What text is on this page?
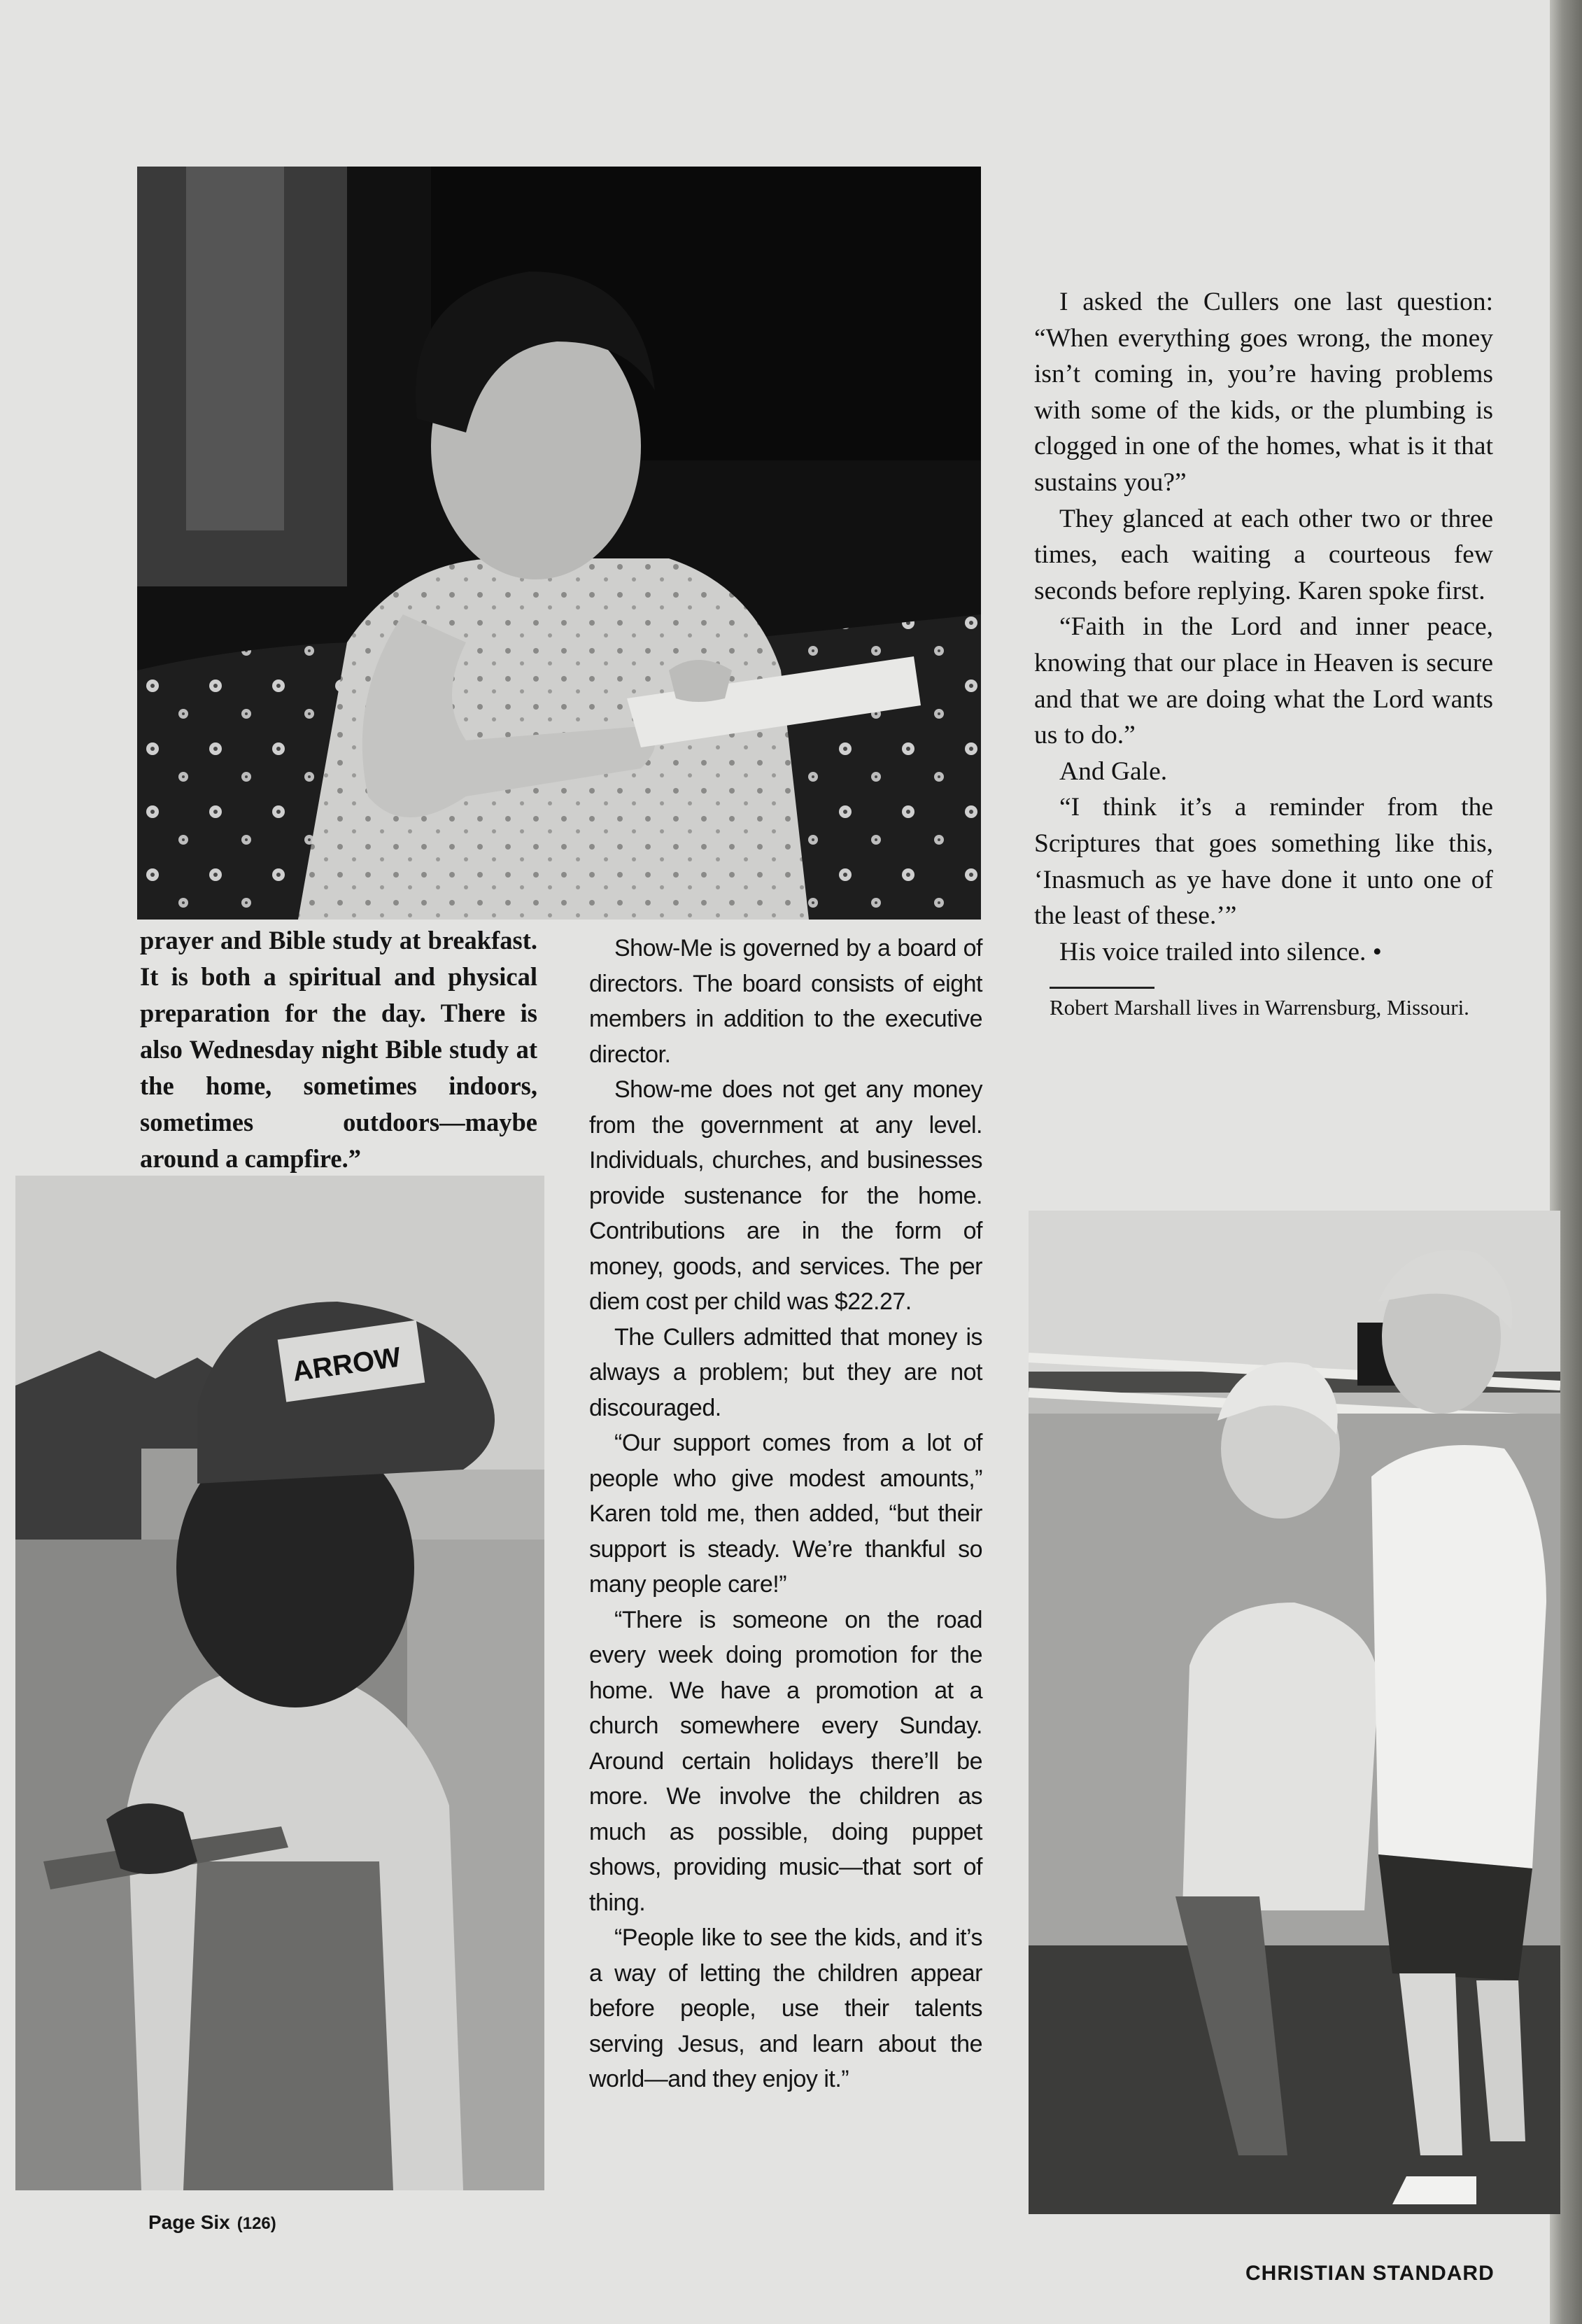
ARROW

prayer and Bible study at breakfast. It is both a spiritual and physical preparation for the day. There is also Wednesday night Bible study at the home, sometimes indoors, sometimes outdoors—maybe around a campfire.”

Show-Me is governed by a board of directors. The board consists of eight members in addition to the executive director.

Show-me does not get any money from the government at any level. Individuals, churches, and businesses provide sustenance for the home. Contributions are in the form of money, goods, and services. The per diem cost per child was $22.27.

The Cullers admitted that money is always a problem; but they are not discouraged.

“Our support comes from a lot of people who give modest amounts,” Karen told me, then added, “but their support is steady. We’re thankful so many people care!”

“There is someone on the road every week doing promotion for the home. We have a promotion at a church somewhere every Sunday. Around certain holidays there’ll be more. We involve the children as much as possible, doing puppet shows, providing music—that sort of thing.

“People like to see the kids, and it’s a way of letting the children appear before people, use their talents serving Jesus, and learn about the world—and they enjoy it.”

I asked the Cullers one last question: “When everything goes wrong, the money isn’t coming in, you’re having problems with some of the kids, or the plumbing is clogged in one of the homes, what is it that sustains you?”

They glanced at each other two or three times, each waiting a courteous few seconds before replying. Karen spoke first.

“Faith in the Lord and inner peace, knowing that our place in Heaven is secure and that we are doing what the Lord wants us to do.”

And Gale.

“I think it’s a reminder from the Scriptures that goes something like this, ‘Inasmuch as ye have done it unto one of the least of these.’”

His voice trailed into silence. •

Robert Marshall lives in Warrensburg, Missouri.
Page Six (126)
CHRISTIAN STANDARD
